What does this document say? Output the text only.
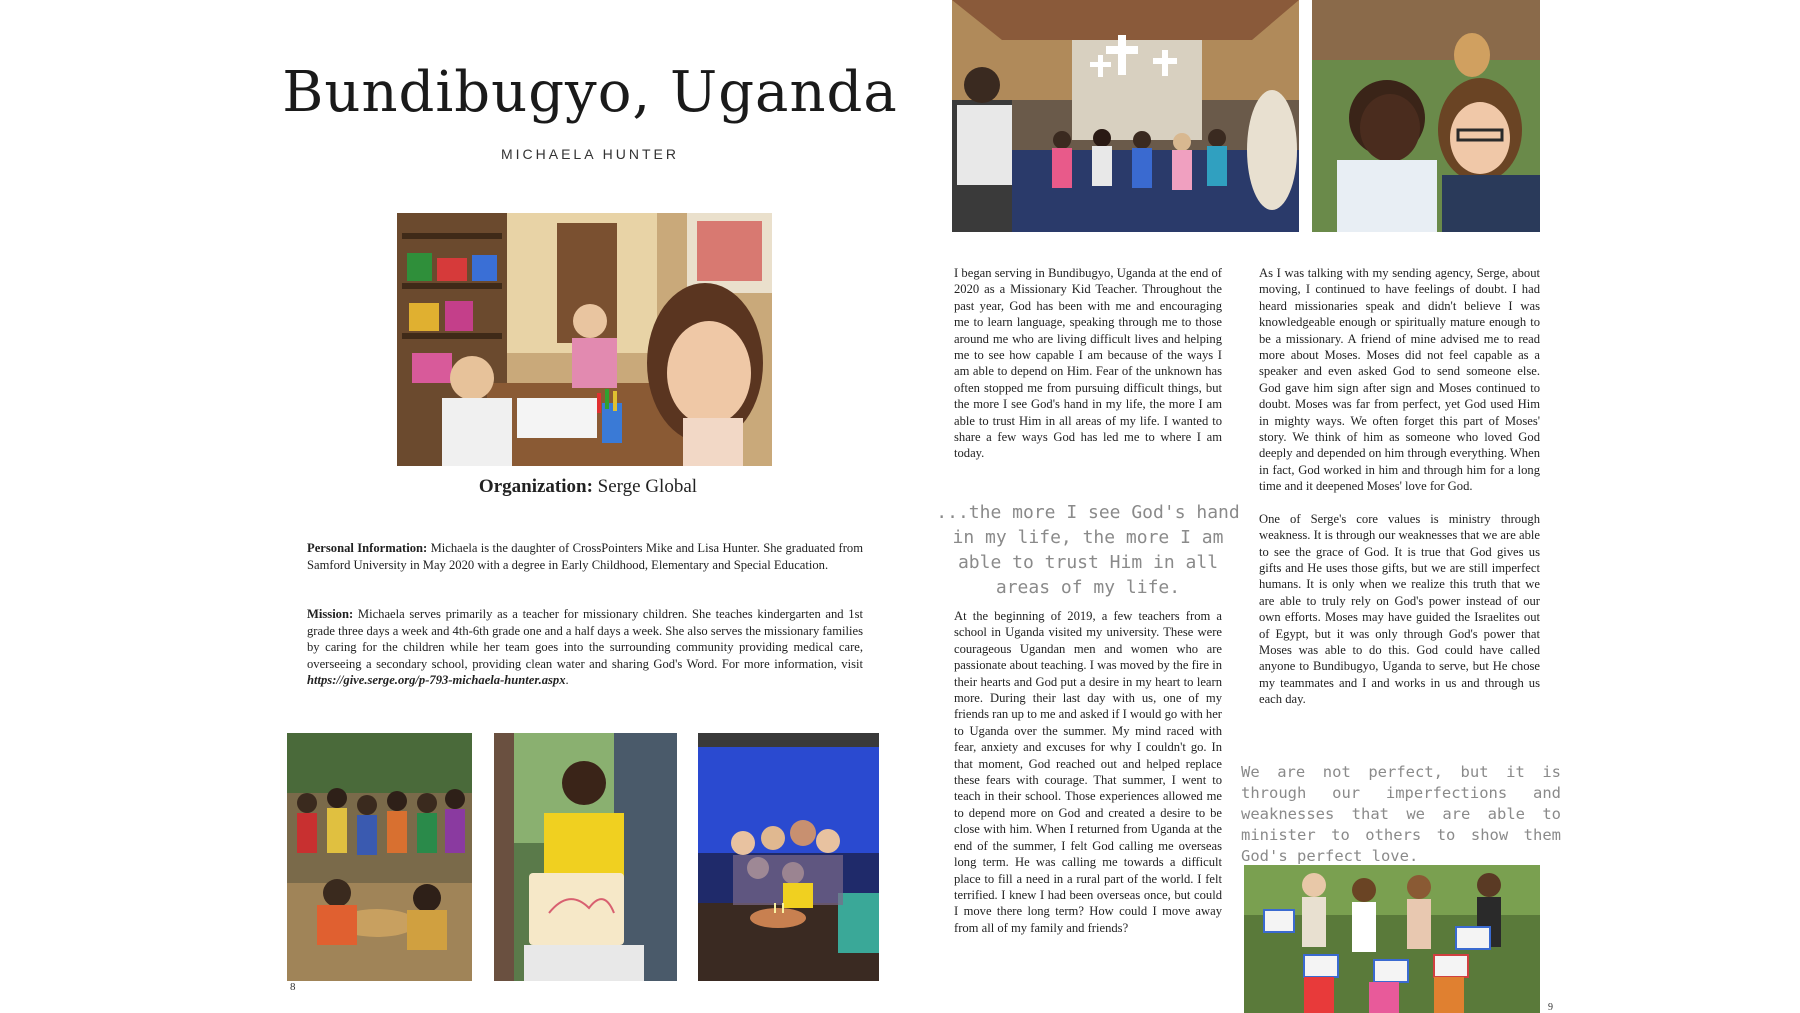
Bundibugyo, Uganda
MICHAELA HUNTER
Organization: Serge Global
Personal Information: Michaela is the daughter of CrossPointers Mike and Lisa Hunter. She graduated from Samford University in May 2020 with a degree in Early Childhood, Elementary and Special Education.
Mission: Michaela serves primarily as a teacher for missionary children. She teaches kindergarten and 1st grade three days a week and 4th-6th grade one and a half days a week. She also serves the missionary families by caring for the children while her team goes into the surrounding community providing medical care, overseeing a secondary school, providing clean water and sharing God's Word. For more information, visit https://give.serge.org/p-793-michaela-hunter.aspx.
8

I began serving in Bundibugyo, Uganda at the end of 2020 as a Missionary Kid Teacher. Throughout the past year, God has been with me and encouraging me to learn language, speaking through me to those around me who are living difficult lives and helping me to see how capable I am because of the ways I am able to depend on Him. Fear of the unknown has often stopped me from pursuing difficult things, but the more I see God's hand in my life, the more I am able to trust Him in all areas of my life. I wanted to share a few ways God has led me to where I am today.

...the more I see God's hand in my life, the more I am able to trust Him in all areas of my life.

At the beginning of 2019, a few teachers from a school in Uganda visited my university. These were courageous Ugandan men and women who are passionate about teaching. I was moved by the fire in their hearts and God put a desire in my heart to learn more. During their last day with us, one of my friends ran up to me and asked if I would go with her to Uganda over the summer. My mind raced with fear, anxiety and excuses for why I couldn't go. In that moment, God reached out and helped replace these fears with courage. That summer, I went to teach in their school. Those experiences allowed me to depend more on God and created a desire to be close with him. When I returned from Uganda at the end of the summer, I felt God calling me overseas long term. He was calling me towards a difficult place to fill a need in a rural part of the world. I felt terrified. I knew I had been overseas once, but could I move there long term? How could I move away from all of my family and friends?

As I was talking with my sending agency, Serge, about moving, I continued to have feelings of doubt. I had heard missionaries speak and didn't believe I was knowledgeable enough or spiritually mature enough to be a missionary. A friend of mine advised me to read more about Moses. Moses did not feel capable as a speaker and even asked God to send someone else. God gave him sign after sign and Moses continued to doubt. Moses was far from perfect, yet God used Him in mighty ways. We often forget this part of Moses' story. We think of him as someone who loved God deeply and depended on him through everything. When in fact, God worked in him and through him for a long time and it deepened Moses' love for God.

One of Serge's core values is ministry through weakness. It is through our weaknesses that we are able to see the grace of God. It is true that God gives us gifts and He uses those gifts, but we are still imperfect humans. It is only when we realize this truth that we are able to truly rely on God's power instead of our own efforts. Moses may have guided the Israelites out of Egypt, but it was only through God's power that Moses was able to do this. God could have called anyone to Bundibugyo, Uganda to serve, but He chose my teammates and I and works in us and through us each day.

We are not perfect, but it is through our imperfections and weaknesses that we are able to minister to others to show them God's perfect love.
9
